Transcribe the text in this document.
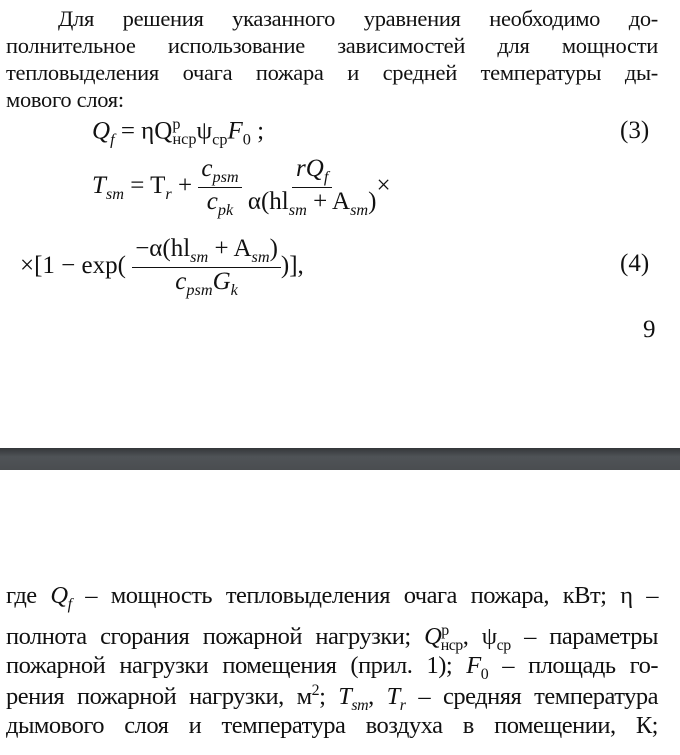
Для решения указанного уравнения необходимо до-
полнительное использование зависимостей для мощности
тепловыделения очага пожара и средней температуры ды-
мового слоя:
$Q_f = \eta Q^р_{нср}\psi_{ср}F_0$ ;	(3)
$T_{sm} = T_r + \frac{c_{psm}}{c_{pk}}$
$\frac{rQ_f}{\alpha(hl_{sm} + A_{sm})}$ ×
$\times[1 - \exp( \frac{-\alpha(hl_{sm} + A_{sm})}{c_{psm}G_k}$ )],	(4)
9
где $Q_f$ – мощность тепловыделения очага пожара, кВт; η –
полнота сгорания пожарной нагрузки; $Q^р_{нср}$, $\psi_{ср}$ – параметры
пожарной нагрузки помещения (прил. 1); $F_0$ – площадь го-
рения пожарной нагрузки, $м^2$; $T_{sm}$, $T_r$ – средняя температура
дымового слоя и температура воздуха в помещении, К;
